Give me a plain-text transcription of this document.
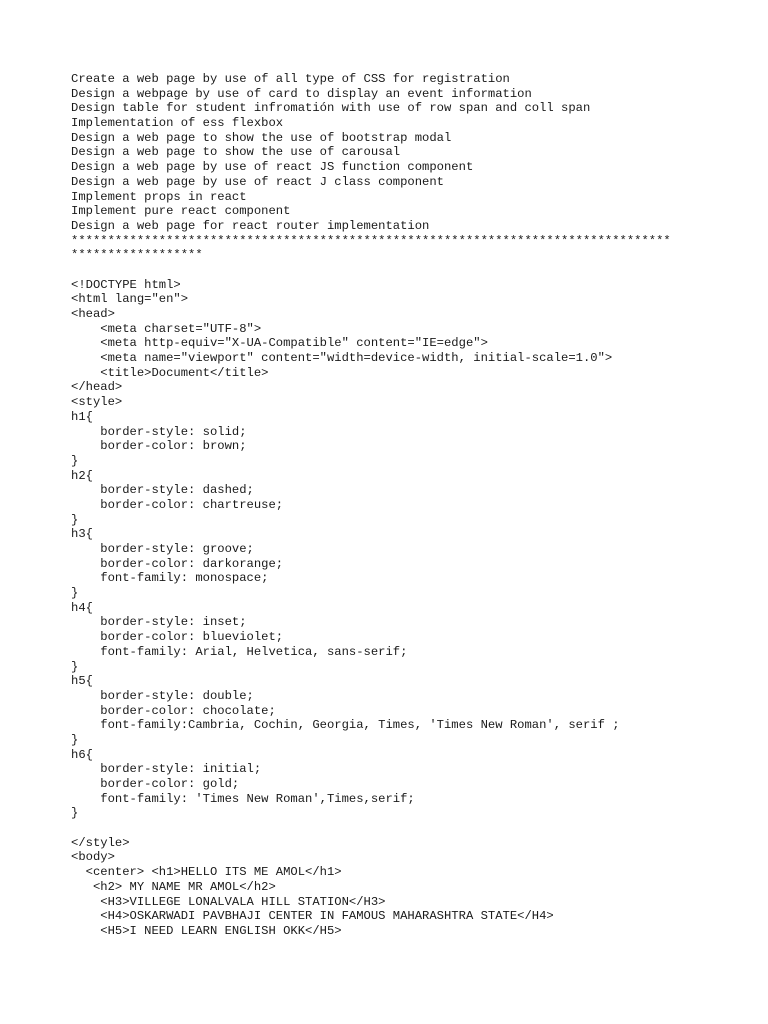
Create a web page by use of all type of CSS for registration
Design a webpage by use of card to display an event information
Design table for student infromatión with use of row span and coll span
Implementation of ess flexbox
Design a web page to show the use of bootstrap modal
Design a web page to show the use of carousal
Design a web page by use of react JS function component
Design a web page by use of react J class component
Implement props in react
Implement pure react component
Design a web page for react router implementation
**********************************************************************************
******************
<!DOCTYPE html>
<html lang="en">
<head>
<meta charset="UTF-8">
<meta http-equiv="X-UA-Compatible" content="IE=edge">
<meta name="viewport" content="width=device-width, initial-scale=1.0">
<title>Document</title>
</head>
<style>
h1{
border-style: solid;
border-color: brown;
}
h2{
border-style: dashed;
border-color: chartreuse;
}
h3{
border-style: groove;
border-color: darkorange;
font-family: monospace;
}
h4{
border-style: inset;
border-color: blueviolet;
font-family: Arial, Helvetica, sans-serif;
}
h5{
border-style: double;
border-color: chocolate;
font-family:Cambria, Cochin, Georgia, Times, 'Times New Roman', serif ;
}
h6{
border-style: initial;
border-color: gold;
font-family: 'Times New Roman',Times,serif;
}
</style>
<body>
<center> <h1>HELLO ITS ME AMOL</h1>
<h2> MY NAME MR AMOL</h2>
<H3>VILLEGE LONALVALA HILL STATION</H3>
<H4>OSKARWADI PAVBHAJI CENTER IN FAMOUS MAHARASHTRA STATE</H4>
<H5>I NEED LEARN ENGLISH OKK</H5>
